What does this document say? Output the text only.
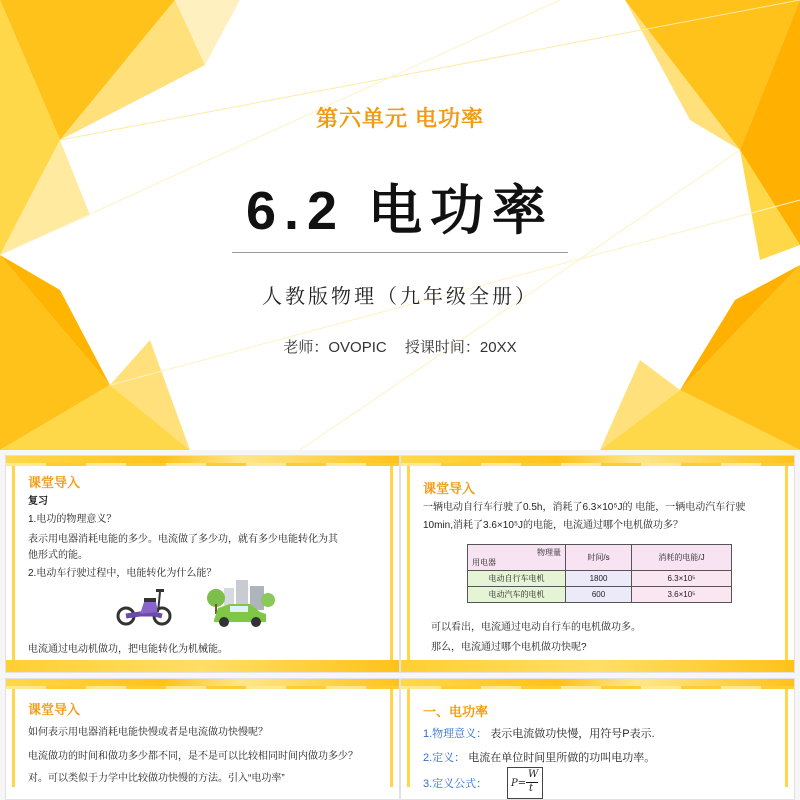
第六单元 电功率
6.2 电功率
人教版物理（九年级全册）
老师：OVOPIC 授课时间：20XX
课堂导入
复习
1.电功的物理意义？
表示用电器消耗电能的多少。电流做了多少功，就有多少电能转化为其
他形式的能。
2.电动车行驶过程中，电能转化为什么能？
电流通过电动机做功，把电能转化为机械能。
课堂导入
一辆电动自行车行驶了0.5h，消耗了6.3×10⁵J的 电能，一辆电动汽车行驶
10min,消耗了3.6×10⁵J的电能，电流通过哪个电机做功多？
物理量
用电器	时间/s	消耗的电能/J
电动自行车电机	1800	6.3×10⁵
电动汽车的电机	600	3.6×10⁵
可以看出，电流通过电动自行车的电机做功多。
那么，电流通过哪个电机做功快呢?
课堂导入
如何表示用电器消耗电能快慢或者是电流做功快慢呢？
电流做功的时间和做功多少都不同，是不是可以比较相同时间内做功多少？
对。可以类似于力学中比较做功快慢的方法。引入“电功率”
一、电功率
1.物理意义： 表示电流做功快慢，用符号P表示.
2.定义： 电流在单位时间里所做的功叫电功率。
3.定义公式： P=
W
t
